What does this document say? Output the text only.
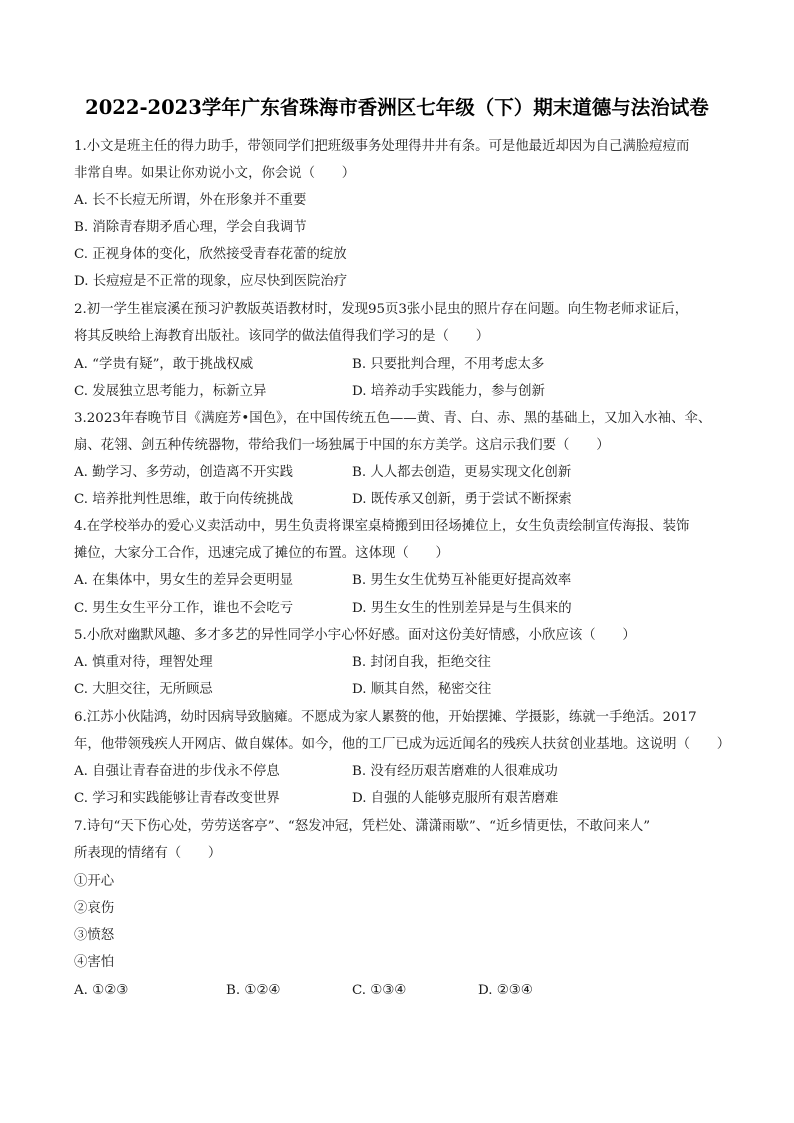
2022-2023学年广东省珠海市香洲区七年级（下）期末道德与法治试卷
1.小文是班主任的得力助手，带领同学们把班级事务处理得井井有条。可是他最近却因为自己满脸痘痘而
非常自卑。如果让你劝说小文，你会说（　　）
A. 长不长痘无所谓，外在形象并不重要
B. 消除青春期矛盾心理，学会自我调节
C. 正视身体的变化，欣然接受青春花蕾的绽放
D. 长痘痘是不正常的现象，应尽快到医院治疗
2.初一学生崔宸溪在预习沪教版英语教材时，发现95页3张小昆虫的照片存在问题。向生物老师求证后，
将其反映给上海教育出版社。该同学的做法值得我们学习的是（　　）
A. “学贵有疑”，敢于挑战权威	B. 只要批判合理，不用考虑太多
C. 发展独立思考能力，标新立异	D. 培养动手实践能力，参与创新
3.2023年春晚节目《满庭芳•国色》，在中国传统五色——黄、青、白、赤、黑的基础上，又加入水袖、伞、
扇、花翎、剑五种传统器物，带给我们一场独属于中国的东方美学。这启示我们要（　　）
A. 勤学习、多劳动，创造离不开实践	B. 人人都去创造，更易实现文化创新
C. 培养批判性思维，敢于向传统挑战	D. 既传承又创新，勇于尝试不断探索
4.在学校举办的爱心义卖活动中，男生负责将课室桌椅搬到田径场摊位上，女生负责绘制宣传海报、装饰
摊位，大家分工合作，迅速完成了摊位的布置。这体现（　　）
A. 在集体中，男女生的差异会更明显	B. 男生女生优势互补能更好提高效率
C. 男生女生平分工作，谁也不会吃亏	D. 男生女生的性别差异是与生俱来的
5.小欣对幽默风趣、多才多艺的异性同学小宇心怀好感。面对这份美好情感，小欣应该（　　）
A. 慎重对待，理智处理	B. 封闭自我，拒绝交往
C. 大胆交往，无所顾忌	D. 顺其自然，秘密交往
6.江苏小伙陆鸿，幼时因病导致脑瘫。不愿成为家人累赘的他，开始摆摊、学摄影，练就一手绝活。2017
年，他带领残疾人开网店、做自媒体。如今，他的工厂已成为远近闻名的残疾人扶贫创业基地。这说明（　　）
A. 自强让青春奋进的步伐永不停息	B. 没有经历艰苦磨难的人很难成功
C. 学习和实践能够让青春改变世界	D. 自强的人能够克服所有艰苦磨难
7.诗句“天下伤心处，劳劳送客亭”、“怒发冲冠，凭栏处、潇潇雨歇”、“近乡情更怯，不敢问来人”
所表现的情绪有（　　）
①开心
②哀伤
③愤怒
④害怕
A. ①②③	B. ①②④	C. ①③④	D. ②③④
